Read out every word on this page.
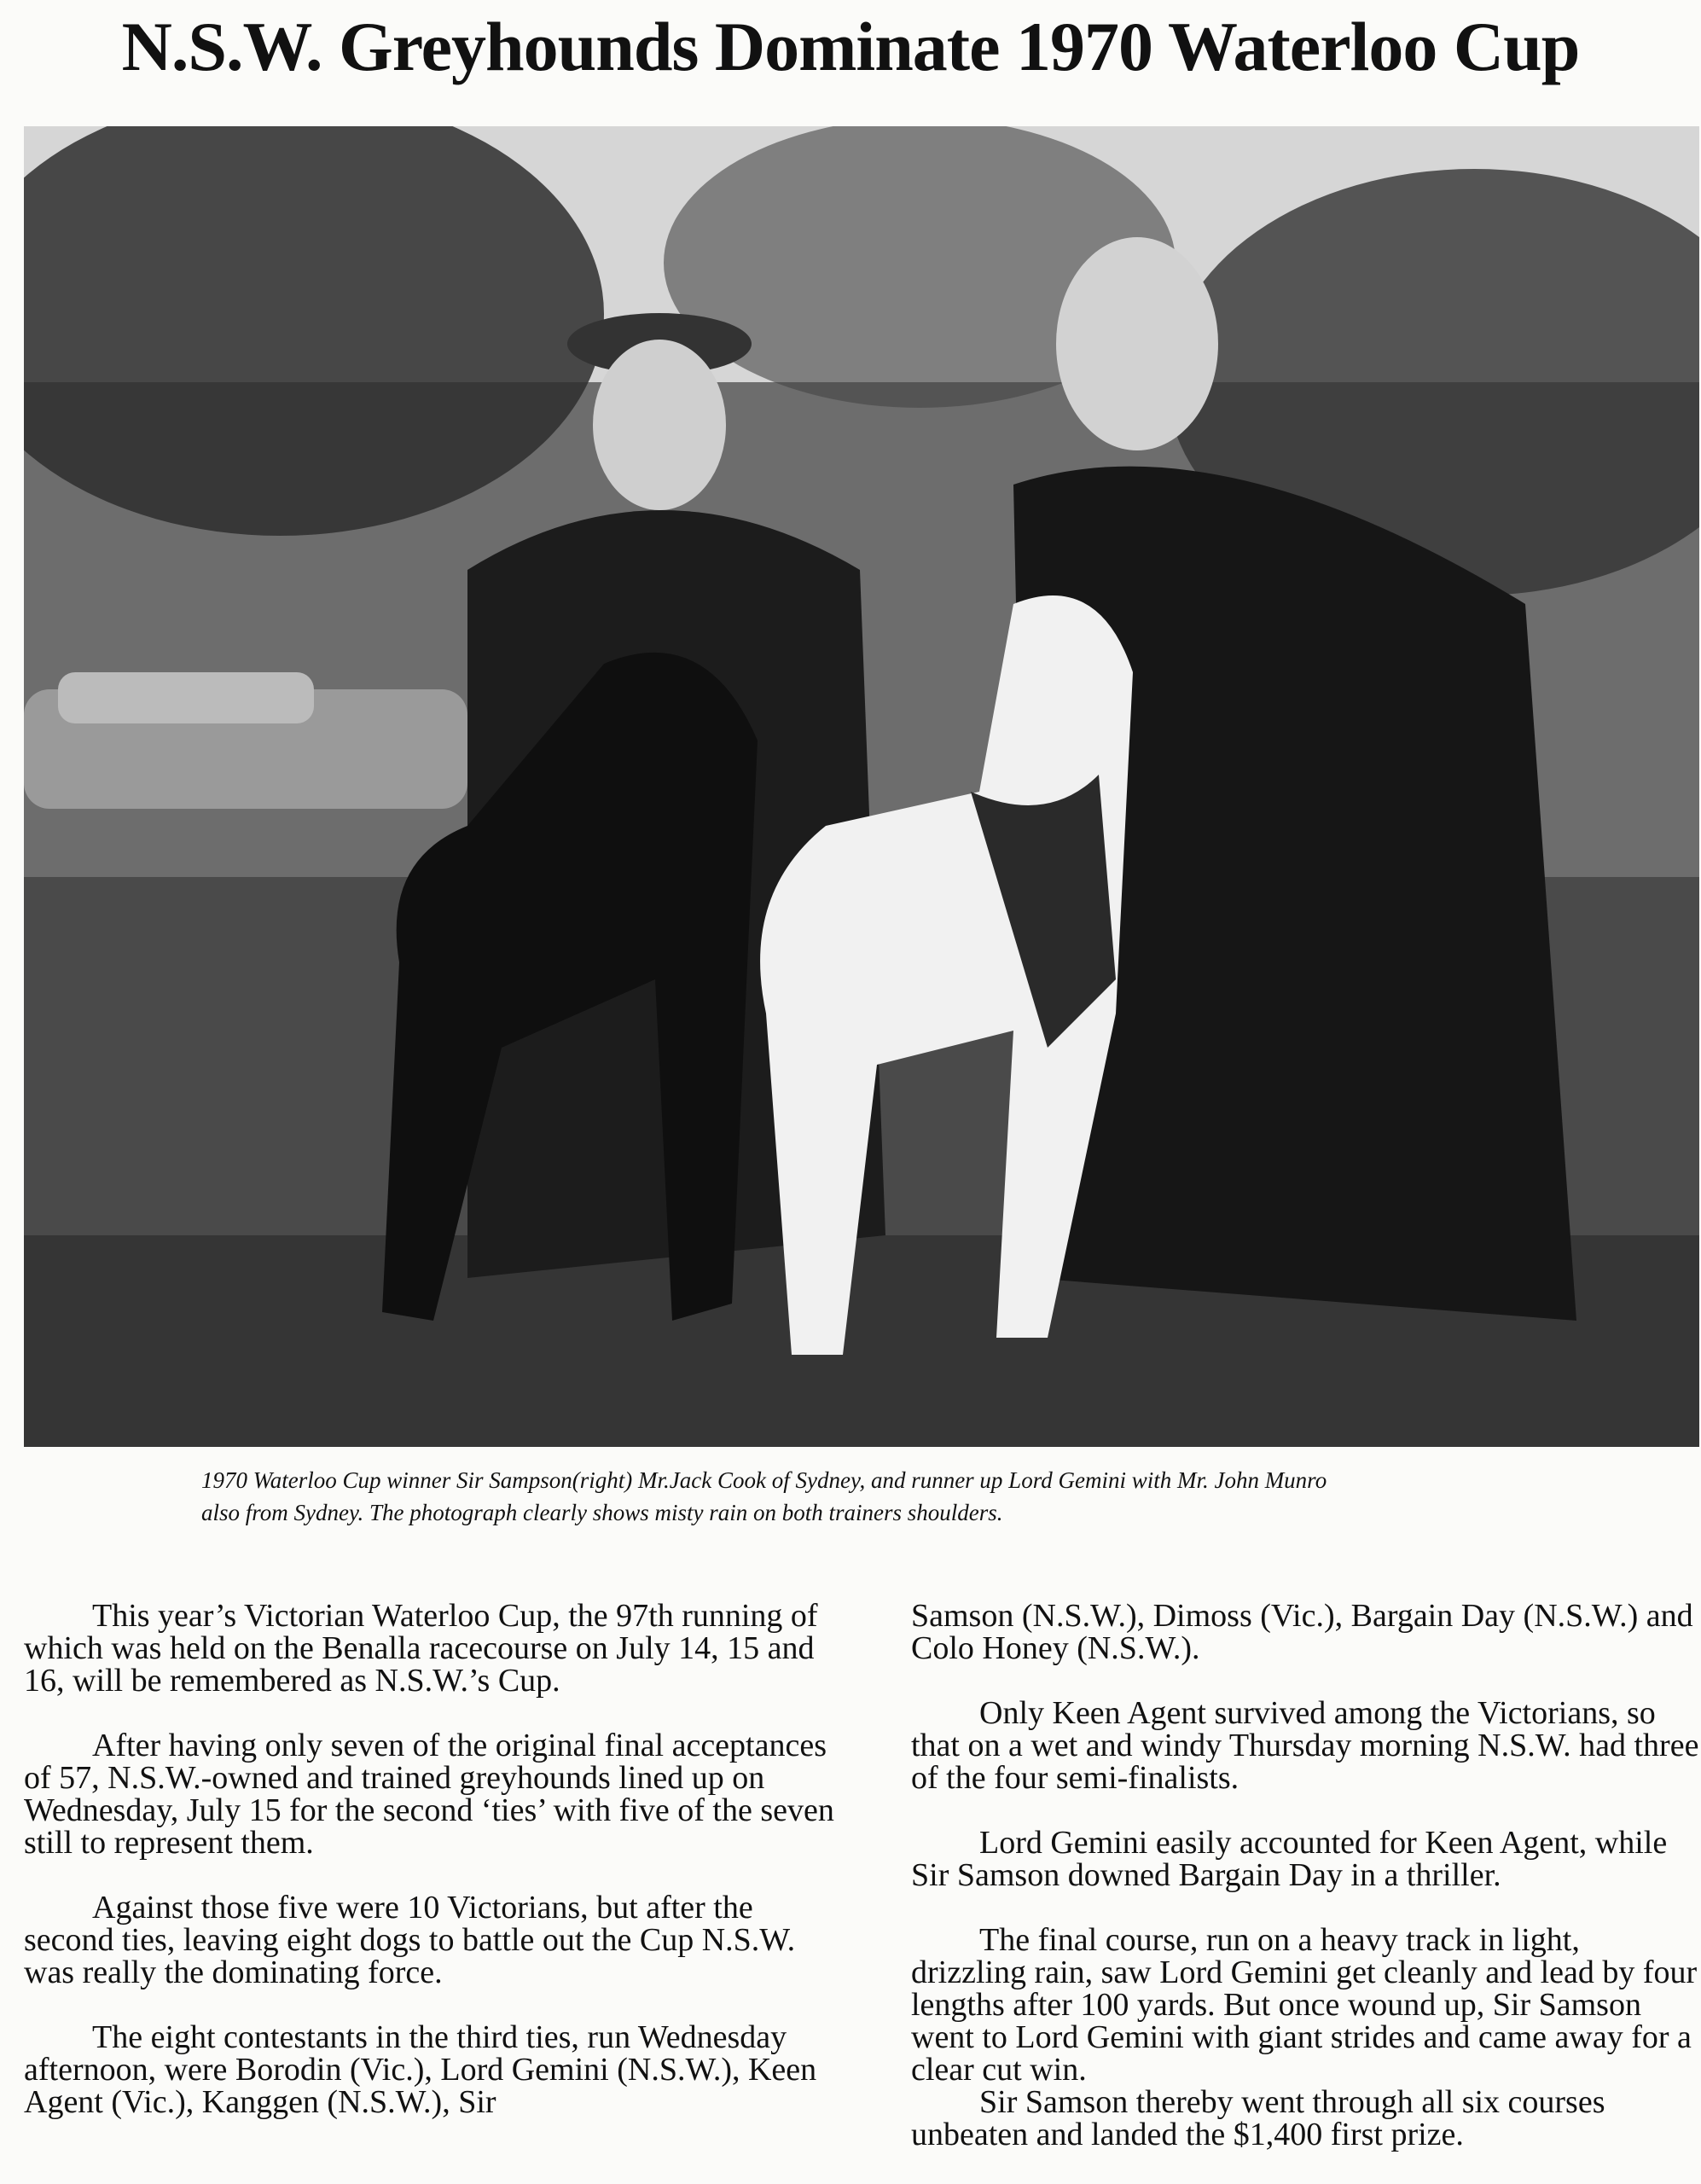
N.S.W. Greyhounds Dominate 1970 Waterloo Cup
1970 Waterloo Cup winner Sir Sampson(right) Mr.Jack Cook of Sydney, and runner up Lord Gemini with Mr. John Munro
also from Sydney. The photograph clearly shows misty rain on both trainers shoulders.

This year’s Victorian Waterloo Cup, the 97th running of which was held on the Benalla racecourse on July 14, 15 and 16, will be remembered as N.S.W.’s Cup.

After having only seven of the original final acceptances of 57, N.S.W.-owned and trained greyhounds lined up on Wednesday, July 15 for the second ‘ties’ with five of the seven still to represent them.

Against those five were 10 Victorians, but after the second ties, leaving eight dogs to battle out the Cup N.S.W. was really the dominating force.

The eight contestants in the third ties, run Wednesday afternoon, were Borodin (Vic.), Lord Gemini (N.S.W.), Keen Agent (Vic.), Kanggen (N.S.W.), Sir

Samson (N.S.W.), Dimoss (Vic.), Bargain Day (N.S.W.) and Colo Honey (N.S.W.).

Only Keen Agent survived among the Victorians, so that on a wet and windy Thursday morning N.S.W. had three of the four semi-finalists.

Lord Gemini easily accounted for Keen Agent, while Sir Samson downed Bargain Day in a thriller.

The final course, run on a heavy track in light, drizzling rain, saw Lord Gemini get cleanly and lead by four lengths after 100 yards. But once wound up, Sir Samson went to Lord Gemini with giant strides and came away for a clear cut win.

Sir Samson thereby went through all six courses unbeaten and landed the $1,400 first prize.
